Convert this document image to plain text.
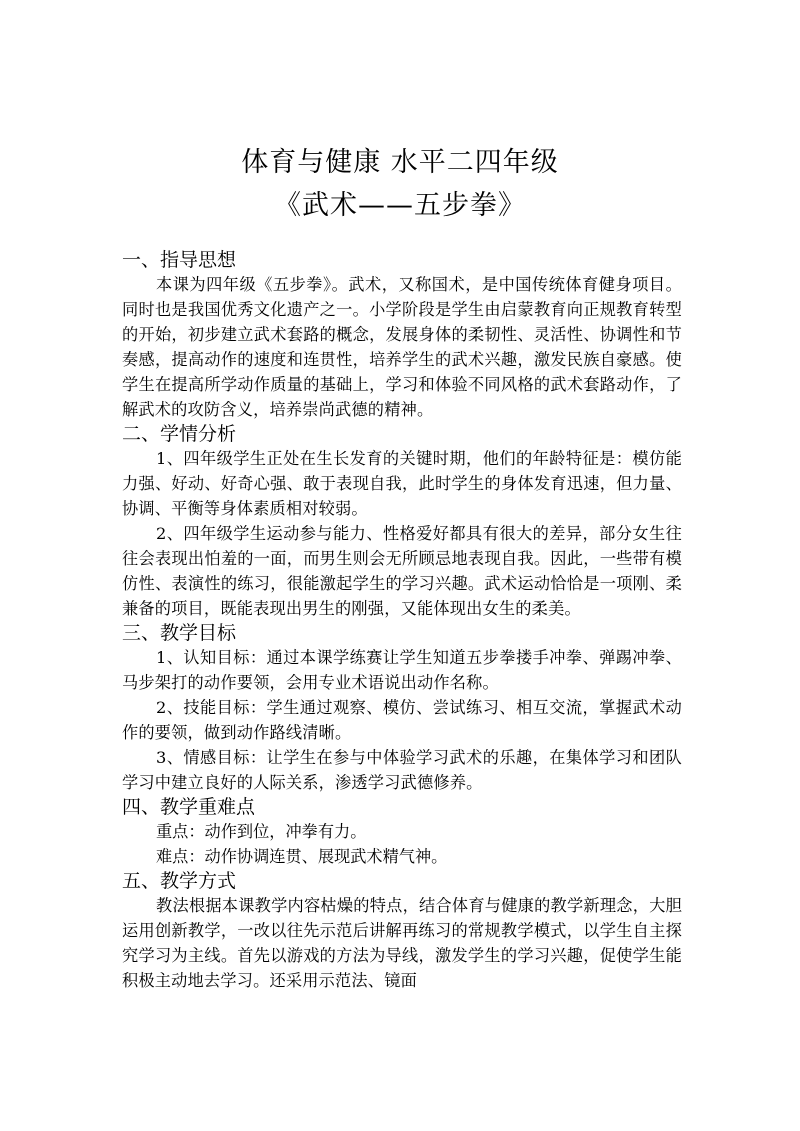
体育与健康 水平二四年级
《武术——五步拳》
一、指导思想
本课为四年级《五步拳》。武术，又称国术，是中国传统体育健身项目。同时也是我国优秀文化遗产之一。小学阶段是学生由启蒙教育向正规教育转型的开始，初步建立武术套路的概念，发展身体的柔韧性、灵活性、协调性和节奏感，提高动作的速度和连贯性，培养学生的武术兴趣，激发民族自豪感。使学生在提高所学动作质量的基础上，学习和体验不同风格的武术套路动作，了解武术的攻防含义，培养崇尚武德的精神。
二、学情分析
1、四年级学生正处在生长发育的关键时期，他们的年龄特征是：模仿能力强、好动、好奇心强、敢于表现自我，此时学生的身体发育迅速，但力量、协调、平衡等身体素质相对较弱。
2、四年级学生运动参与能力、性格爱好都具有很大的差异，部分女生往往会表现出怕羞的一面，而男生则会无所顾忌地表现自我。因此，一些带有模仿性、表演性的练习，很能激起学生的学习兴趣。武术运动恰恰是一项刚、柔兼备的项目，既能表现出男生的刚强，又能体现出女生的柔美。
三、教学目标
1、认知目标：通过本课学练赛让学生知道五步拳搂手冲拳、弹踢冲拳、马步架打的动作要领，会用专业术语说出动作名称。
2、技能目标：学生通过观察、模仿、尝试练习、相互交流，掌握武术动作的要领，做到动作路线清晰。
3、情感目标：让学生在参与中体验学习武术的乐趣，在集体学习和团队学习中建立良好的人际关系，渗透学习武德修养。
四、教学重难点
重点：动作到位，冲拳有力。
难点：动作协调连贯、展现武术精气神。
五、教学方式
教法根据本课教学内容枯燥的特点，结合体育与健康的教学新理念，大胆运用创新教学，一改以往先示范后讲解再练习的常规教学模式，以学生自主探究学习为主线。首先以游戏的方法为导线，激发学生的学习兴趣，促使学生能积极主动地去学习。还采用示范法、镜面
